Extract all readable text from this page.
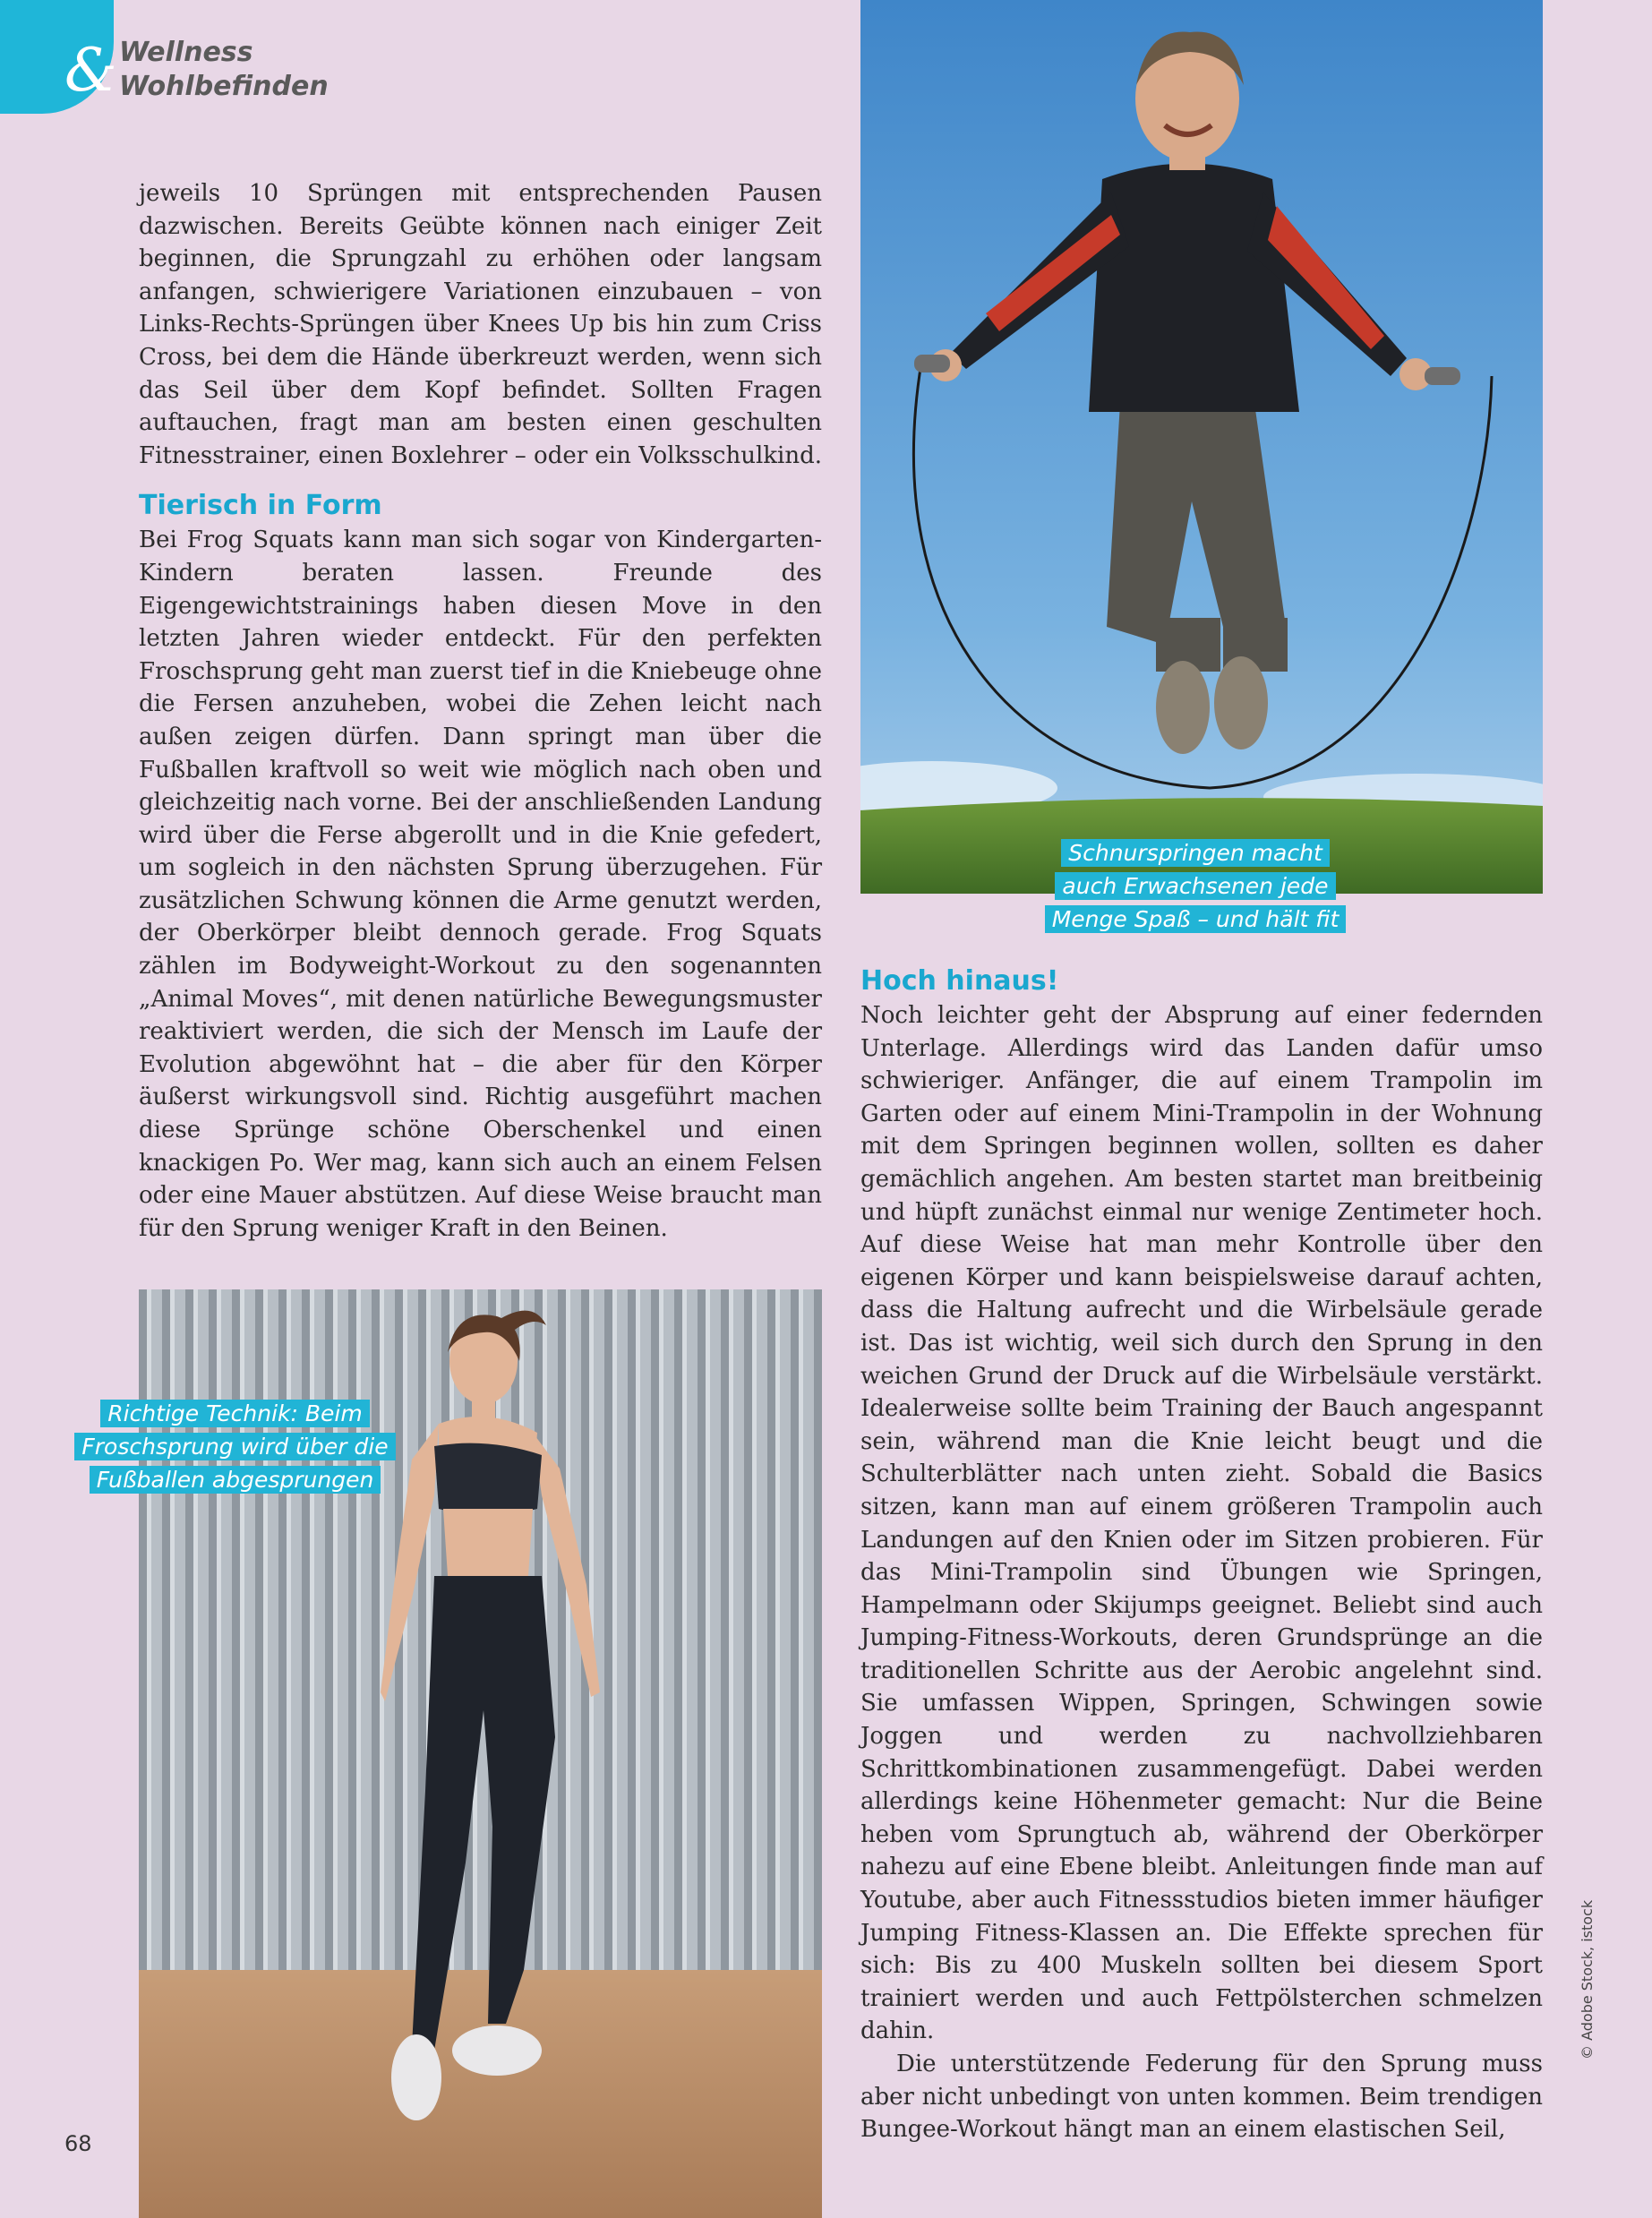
& Wellness
Wohlbefinden

jeweils 10 Sprüngen mit entsprechenden Pausen dazwischen. Bereits Geübte können nach einiger Zeit beginnen, die Sprungzahl zu erhöhen oder langsam anfangen, schwierigere Variationen einzubauen – von Links-Rechts-Sprüngen über Knees Up bis hin zum Criss Cross, bei dem die Hände überkreuzt werden, wenn sich das Seil über dem Kopf befindet. Sollten Fragen auftauchen, fragt man am besten einen geschulten Fitnesstrainer, einen Boxlehrer – oder ein Volksschulkind.

Tierisch in Form

Bei Frog Squats kann man sich sogar von Kindergarten-Kindern beraten lassen. Freunde des Eigengewichtstrainings haben diesen Move in den letzten Jahren wieder entdeckt. Für den perfekten Froschsprung geht man zuerst tief in die Kniebeuge ohne die Fersen anzuheben, wobei die Zehen leicht nach außen zeigen dürfen. Dann springt man über die Fußballen kraftvoll so weit wie möglich nach oben und gleichzeitig nach vorne. Bei der anschließenden Landung wird über die Ferse abgerollt und in die Knie gefedert, um sogleich in den nächsten Sprung überzugehen. Für zusätzlichen Schwung können die Arme genutzt werden, der Oberkörper bleibt dennoch gerade. Frog Squats zählen im Bodyweight-Workout zu den sogenannten „Animal Moves“, mit denen natürliche Bewegungsmuster reaktiviert werden, die sich der Mensch im Laufe der Evolution abgewöhnt hat – die aber für den Körper äußerst wirkungsvoll sind. Richtig ausgeführt machen diese Sprünge schöne Oberschenkel und einen knackigen Po. Wer mag, kann sich auch an einem Felsen oder eine Mauer abstützen. Auf diese Weise braucht man für den Sprung weniger Kraft in den Beinen.

Schnurspringen macht
auch Erwachsenen jede
Menge Spaß – und hält fit
Hoch hinaus!

Noch leichter geht der Absprung auf einer federnden Unterlage. Allerdings wird das Landen dafür umso schwieriger. Anfänger, die auf einem Trampolin im Garten oder auf einem Mini-Trampolin in der Wohnung mit dem Springen beginnen wollen, sollten es daher gemächlich angehen. Am besten startet man breitbeinig und hüpft zunächst einmal nur wenige Zentimeter hoch. Auf diese Weise hat man mehr Kontrolle über den eigenen Körper und kann beispielsweise darauf achten, dass die Haltung aufrecht und die Wirbelsäule gerade ist. Das ist wichtig, weil sich durch den Sprung in den weichen Grund der Druck auf die Wirbelsäule verstärkt. Idealerweise sollte beim Training der Bauch angespannt sein, während man die Knie leicht beugt und die Schulterblätter nach unten zieht. Sobald die Basics sitzen, kann man auf einem größeren Trampolin auch Landungen auf den Knien oder im Sitzen probieren. Für das Mini-Trampolin sind Übungen wie Springen, Hampelmann oder Skijumps geeignet. Beliebt sind auch Jumping-Fitness-Workouts, deren Grundsprünge an die traditionellen Schritte aus der Aerobic angelehnt sind. Sie umfassen Wippen, Springen, Schwingen sowie Joggen und werden zu nachvollziehbaren Schrittkombinationen zusammengefügt. Dabei werden allerdings keine Höhenmeter gemacht: Nur die Beine heben vom Sprungtuch ab, während der Oberkörper nahezu auf eine Ebene bleibt. Anleitungen finde man auf Youtube, aber auch Fitnessstudios bieten immer häufiger Jumping Fitness-Klassen an. Die Effekte sprechen für sich: Bis zu 400 Muskeln sollten bei diesem Sport trainiert werden und auch Fettpölsterchen schmelzen dahin.

Die unterstützende Federung für den Sprung muss aber nicht unbedingt von unten kommen. Beim trendigen Bungee-Workout hängt man an einem elastischen Seil,

Richtige Technik: Beim
Froschsprung wird über die
Fußballen abgesprungen
68
© Adobe Stock, istock
